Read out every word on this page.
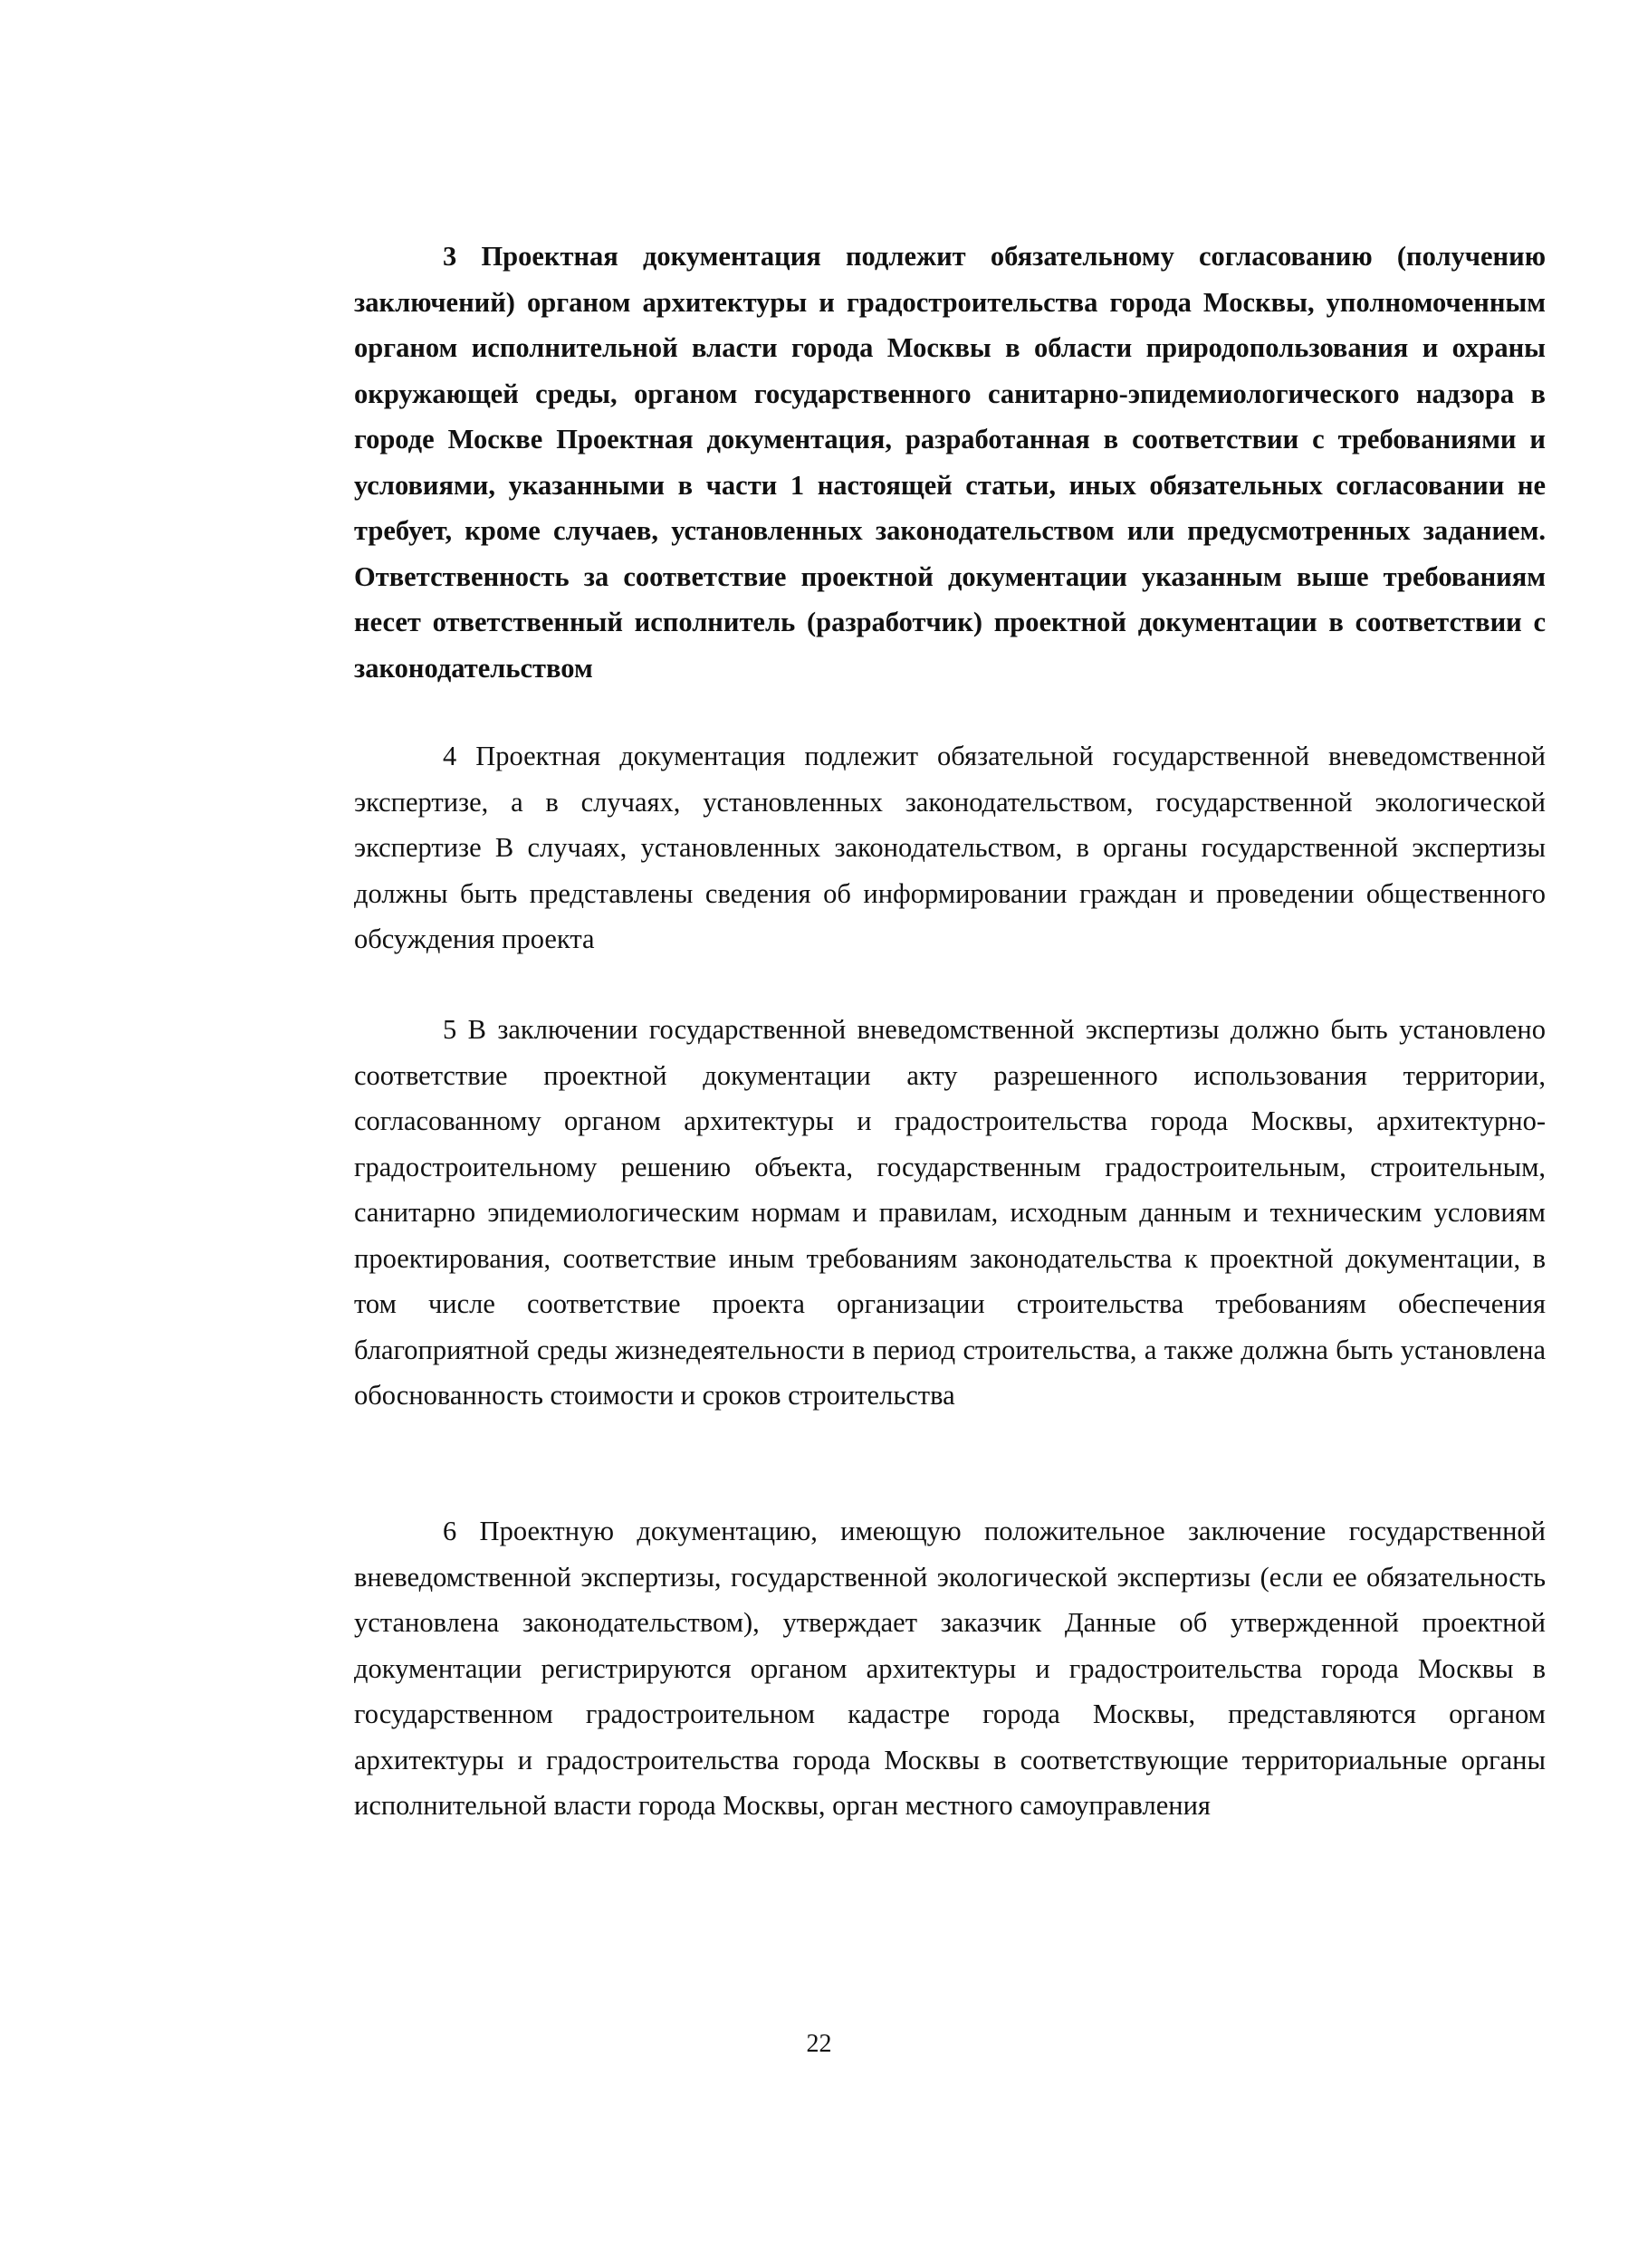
3 Проектная документация подлежит обязательному согласованию (получению заключений) органом архитектуры и градостроительства города Москвы, уполномоченным органом исполнительной власти города Москвы в области природопользования и охраны окружающей среды, органом государственного санитарно-эпидемиологического надзора в городе Москве Проектная документация, разработанная в соответствии с требованиями и условиями, указанными в части 1 настоящей статьи, иных обязательных согласовании не требует, кроме случаев, установленных законодательством или предусмотренных заданием. Ответственность за соответствие проектной документации указанным выше требованиям несет ответственный исполнитель (разработчик) проектной документации в соответствии с законодательством

4 Проектная документация подлежит обязательной государственной вневедомственной экспертизе, а в случаях, установленных законодательством, государственной экологической экспертизе В случаях, установленных законодательством, в органы государственной экспертизы должны быть представлены сведения об информировании граждан и проведении общественного обсуждения проекта

5 В заключении государственной вневедомственной экспертизы должно быть установлено соответствие проектной документации акту разрешенного использования территории, согласованному органом архитектуры и градостроительства города Москвы, архитектурно-градостроительному решению объекта, государственным градостроительным, строительным, санитарно эпидемиологическим нормам и правилам, исходным данным и техническим условиям проектирования, соответствие иным требованиям законодательства к проектной документации, в том числе соответствие проекта организации строительства требованиям обеспечения благоприятной среды жизнедеятельности в период строительства, а также должна быть установлена обоснованность стоимости и сроков строительства

6 Проектную документацию, имеющую положительное заключение государственной вневедомственной экспертизы, государственной экологической экспертизы (если ее обязательность установлена законодательством), утверждает заказчик Данные об утвержденной проектной документации регистрируются органом архитектуры и градостроительства города Москвы в государственном градостроительном кадастре города Москвы, представляются органом архитектуры и градостроительства города Москвы в соответствующие территориальные органы исполнительной власти города Москвы, орган местного самоуправления

22
